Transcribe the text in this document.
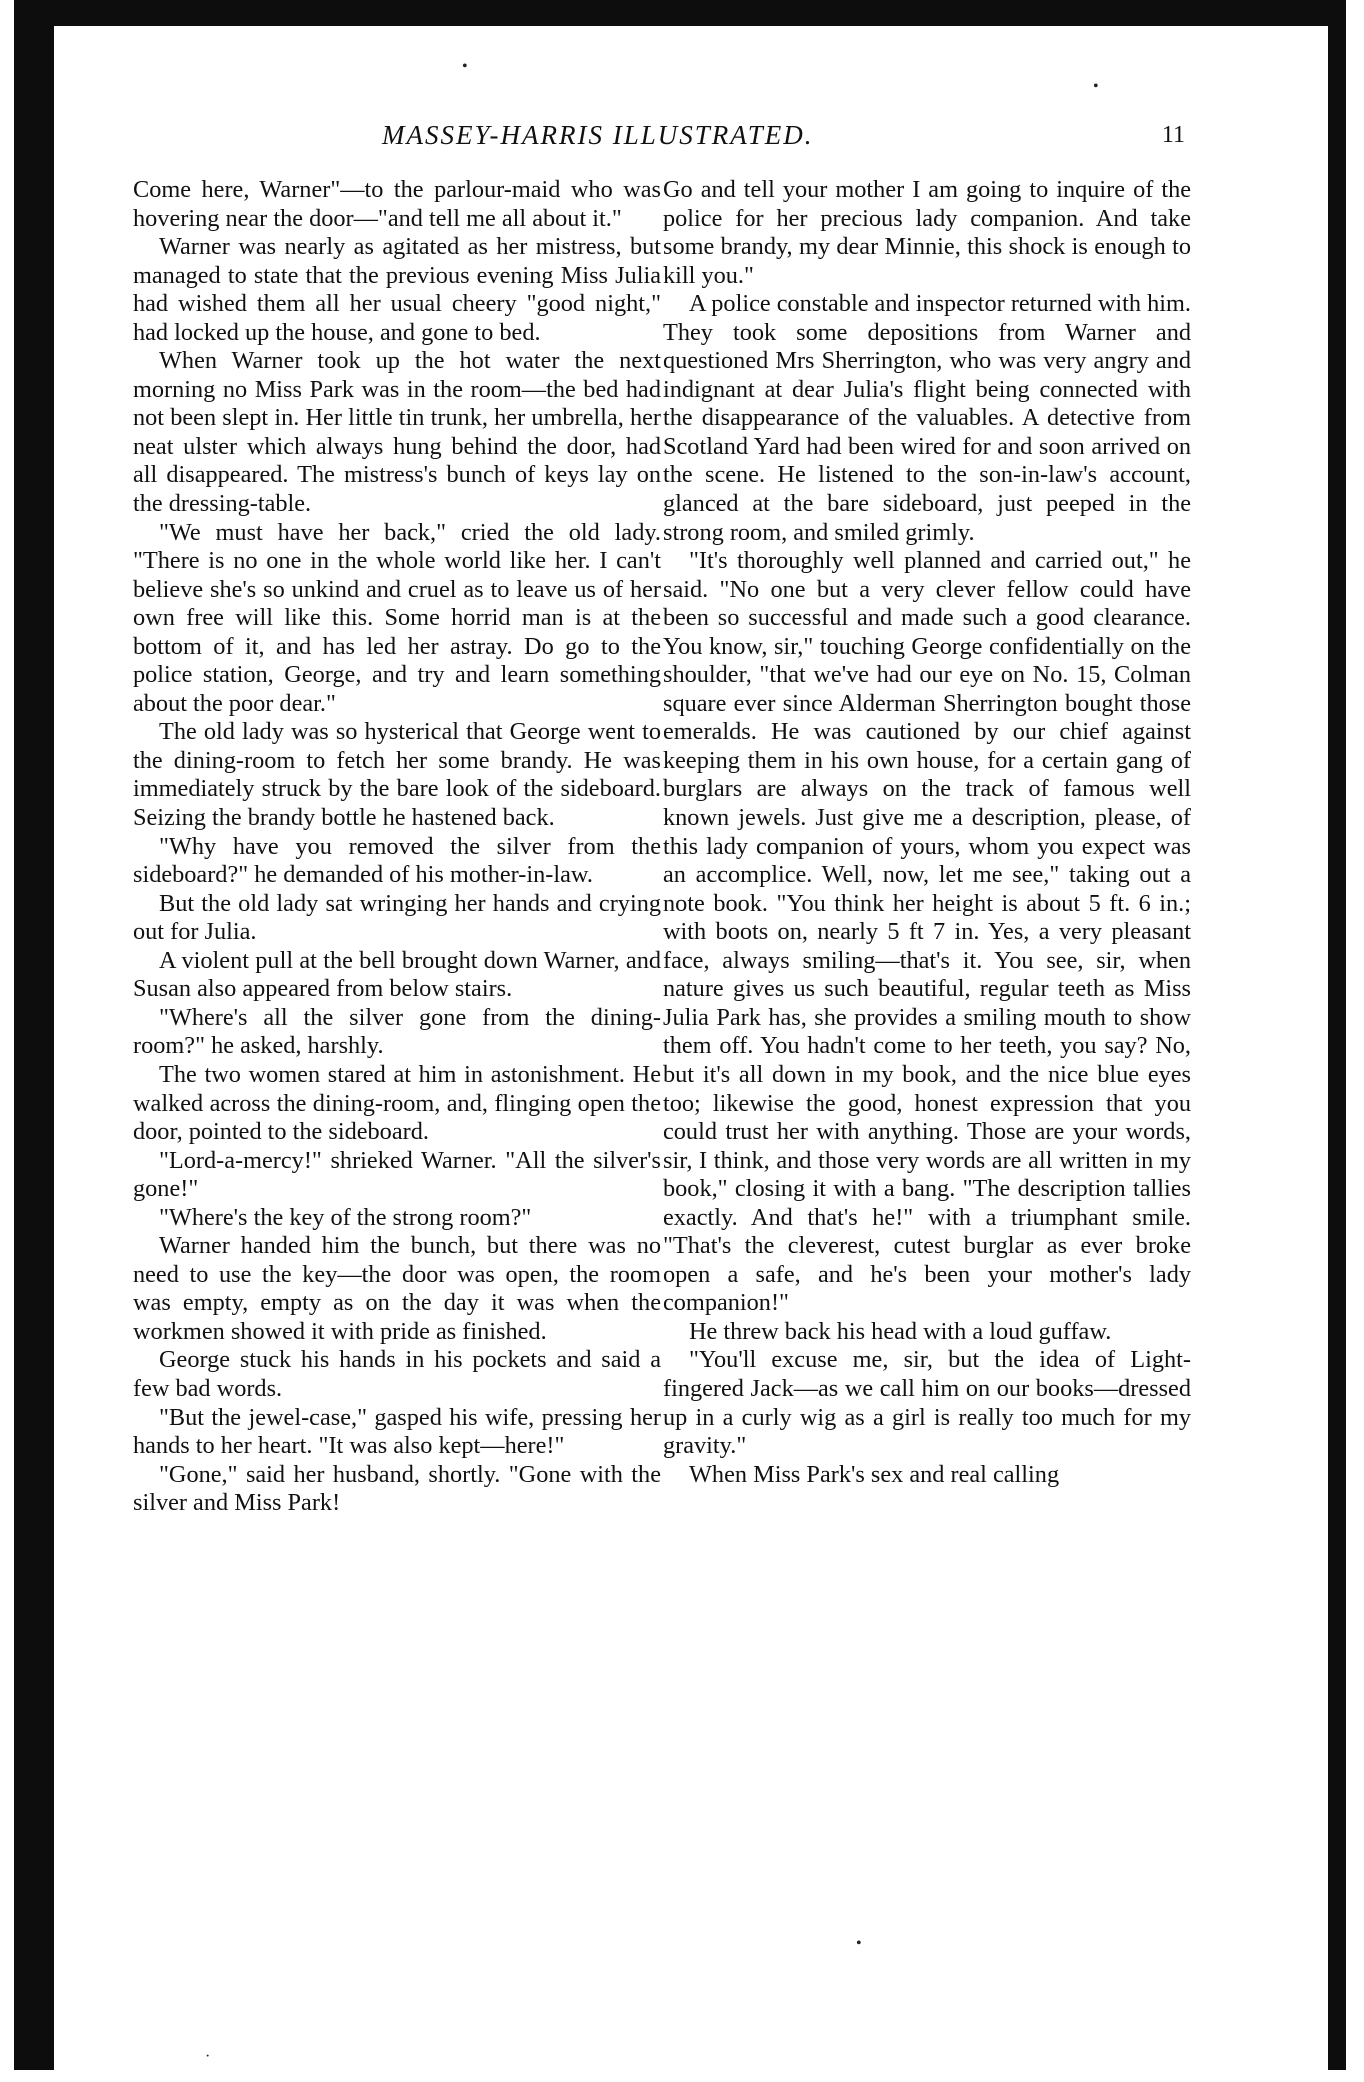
•
•
MASSEY-HARRIS ILLUSTRATED.	11

Come here, Warner"—to the parlour-maid who was hovering near the door—"and tell me all about it."

Warner was nearly as agitated as her mistress, but managed to state that the previous evening Miss Julia had wished them all her usual cheery "good night," had locked up the house, and gone to bed.

When Warner took up the hot water the next morning no Miss Park was in the room—the bed had not been slept in. Her little tin trunk, her umbrella, her neat ulster which always hung behind the door, had all disappeared. The mistress's bunch of keys lay on the dressing-table.

"We must have her back," cried the old lady. "There is no one in the whole world like her. I can't believe she's so unkind and cruel as to leave us of her own free will like this. Some horrid man is at the bottom of it, and has led her astray. Do go to the police station, George, and try and learn something about the poor dear."

The old lady was so hysterical that George went to the dining-room to fetch her some brandy. He was immediately struck by the bare look of the sideboard. Seizing the brandy bottle he hastened back.

"Why have you removed the silver from the sideboard?" he demanded of his mother-in-law.

But the old lady sat wringing her hands and crying out for Julia.

A violent pull at the bell brought down Warner, and Susan also appeared from below stairs.

"Where's all the silver gone from the dining-room?" he asked, harshly.

The two women stared at him in astonishment. He walked across the dining-room, and, flinging open the door, pointed to the sideboard.

"Lord-a-mercy!" shrieked Warner. "All the silver's gone!"

"Where's the key of the strong room?"

Warner handed him the bunch, but there was no need to use the key—the door was open, the room was empty, empty as on the day it was when the workmen showed it with pride as finished.

George stuck his hands in his pockets and said a few bad words.

"But the jewel-case," gasped his wife, pressing her hands to her heart. "It was also kept—here!"

"Gone," said her husband, shortly. "Gone with the silver and Miss Park!

Go and tell your mother I am going to inquire of the police for her precious lady companion. And take some brandy, my dear Minnie, this shock is enough to kill you."

A police constable and inspector returned with him. They took some depositions from Warner and questioned Mrs Sherrington, who was very angry and indignant at dear Julia's flight being connected with the disappearance of the valuables. A detective from Scotland Yard had been wired for and soon arrived on the scene. He listened to the son-in-law's account, glanced at the bare sideboard, just peeped in the strong room, and smiled grimly.

"It's thoroughly well planned and carried out," he said. "No one but a very clever fellow could have been so successful and made such a good clearance. You know, sir," touching George confidentially on the shoulder, "that we've had our eye on No. 15, Colman square ever since Alderman Sherrington bought those emeralds. He was cautioned by our chief against keeping them in his own house, for a certain gang of burglars are always on the track of famous well known jewels. Just give me a description, please, of this lady companion of yours, whom you expect was an accomplice. Well, now, let me see," taking out a note book. "You think her height is about 5 ft. 6 in.; with boots on, nearly 5 ft 7 in. Yes, a very pleasant face, always smiling—that's it. You see, sir, when nature gives us such beautiful, regular teeth as Miss Julia Park has, she provides a smiling mouth to show them off. You hadn't come to her teeth, you say? No, but it's all down in my book, and the nice blue eyes too; likewise the good, honest expression that you could trust her with anything. Those are your words, sir, I think, and those very words are all written in my book," closing it with a bang. "The description tallies exactly. And that's he!" with a triumphant smile. "That's the cleverest, cutest burglar as ever broke open a safe, and he's been your mother's lady companion!"

He threw back his head with a loud guffaw.

"You'll excuse me, sir, but the idea of Light-fingered Jack—as we call him on our books—dressed up in a curly wig as a girl is really too much for my gravity."

When Miss Park's sex and real calling

•
·
